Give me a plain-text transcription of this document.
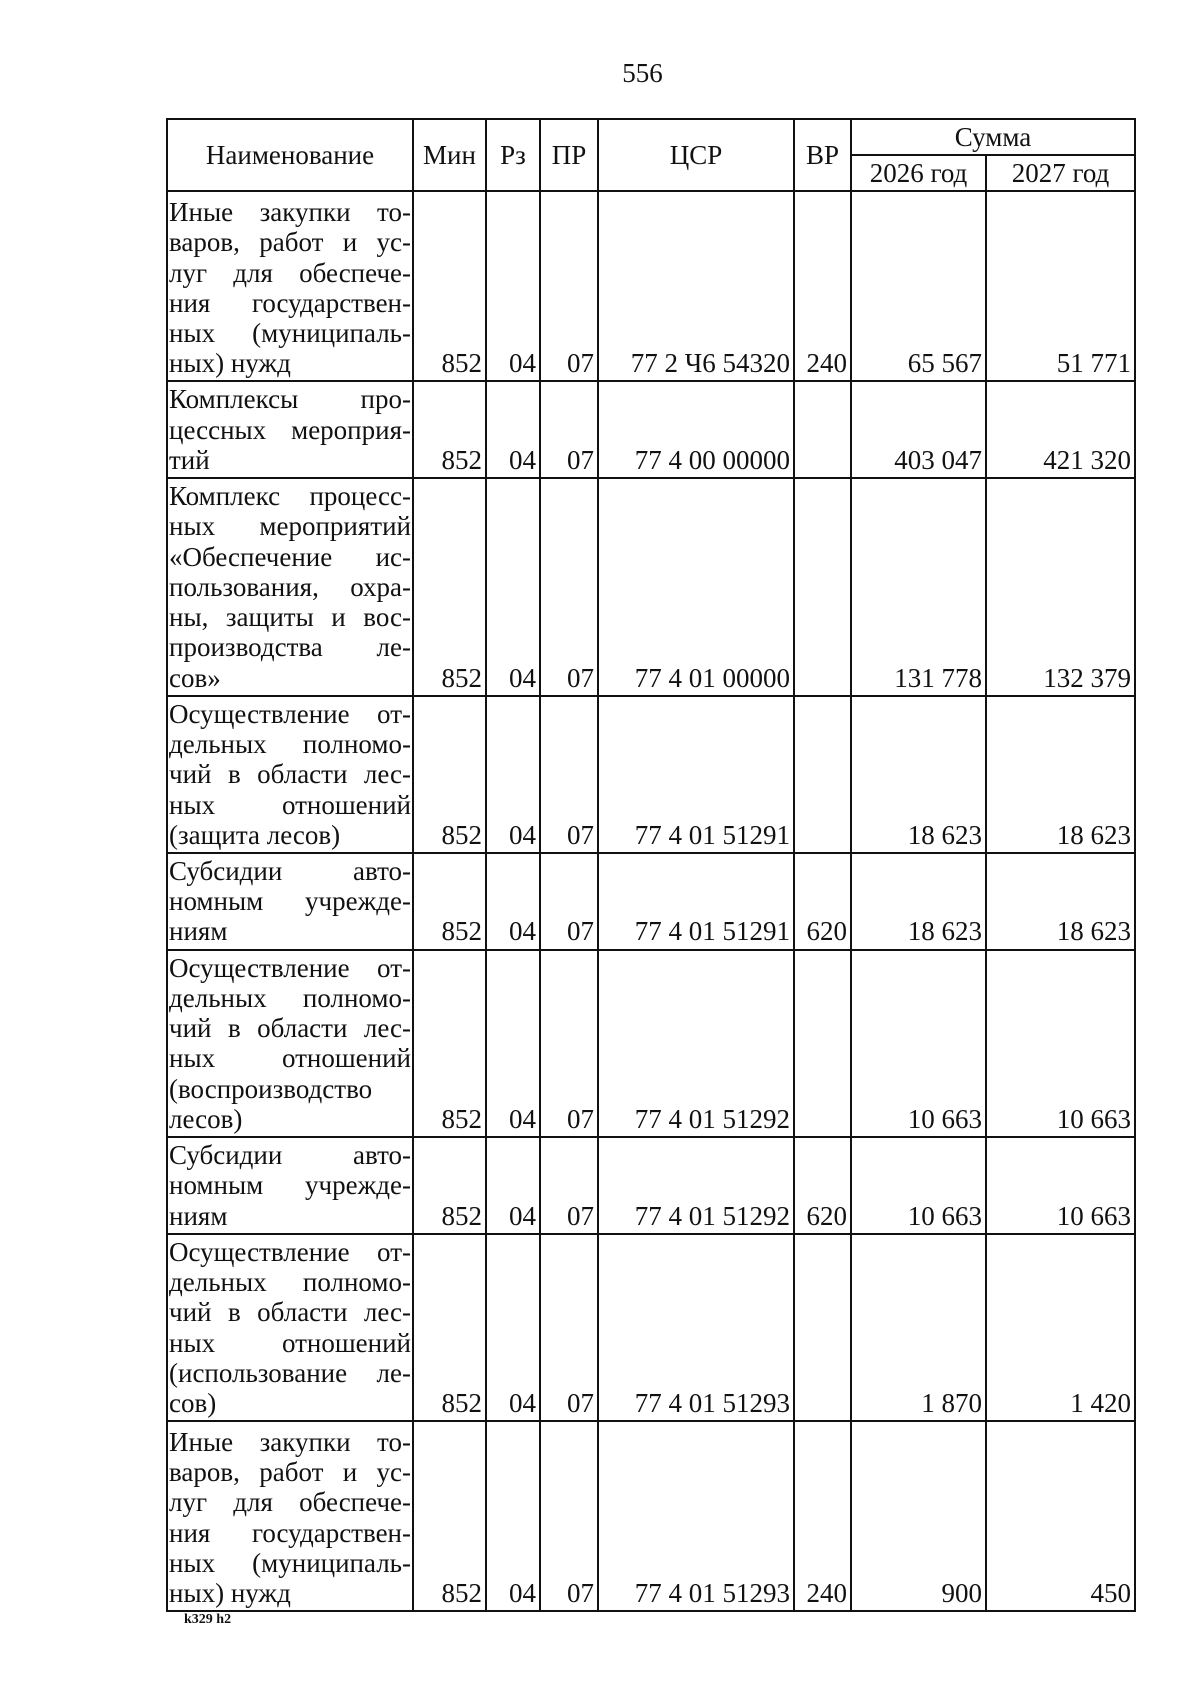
556
Наименование	Мин	Рз	ПР	ЦСР	ВР	Сумма	
						2026 год	2027 год
Иные закупки то-варов, работ и ус-луг для обеспече-ния государствен-ных (муниципаль-ных) нужд	852	04	07	77 2 Ч6 54320	240	65 567	51 771
Комплексы про-цессных мероприя-тий	852	04	07	77 4 00 00000		403 047	421 320
Комплекс процесс-ных мероприятий «Обеспечение ис-пользования, охра-ны, защиты и вос-производства ле-сов»	852	04	07	77 4 01 00000		131 778	132 379
Осуществление от-дельных полномо-чий в области лес-ных отношений (защита лесов)	852	04	07	77 4 01 51291		18 623	18 623
Субсидии авто-номным учрежде-ниям	852	04	07	77 4 01 51291	620	18 623	18 623
Осуществление от-дельных полномо-чий в области лес-ных отношений (воспроизводство лесов)	852	04	07	77 4 01 51292		10 663	10 663
Субсидии авто-номным учрежде-ниям	852	04	07	77 4 01 51292	620	10 663	10 663
Осуществление от-дельных полномо-чий в области лес-ных отношений (использование ле-сов)	852	04	07	77 4 01 51293		1 870	1 420
Иные закупки то-варов, работ и ус-луг для обеспече-ния государствен-ных (муниципаль-ных) нужд	852	04	07	77 4 01 51293	240	900	450
k329 h2
